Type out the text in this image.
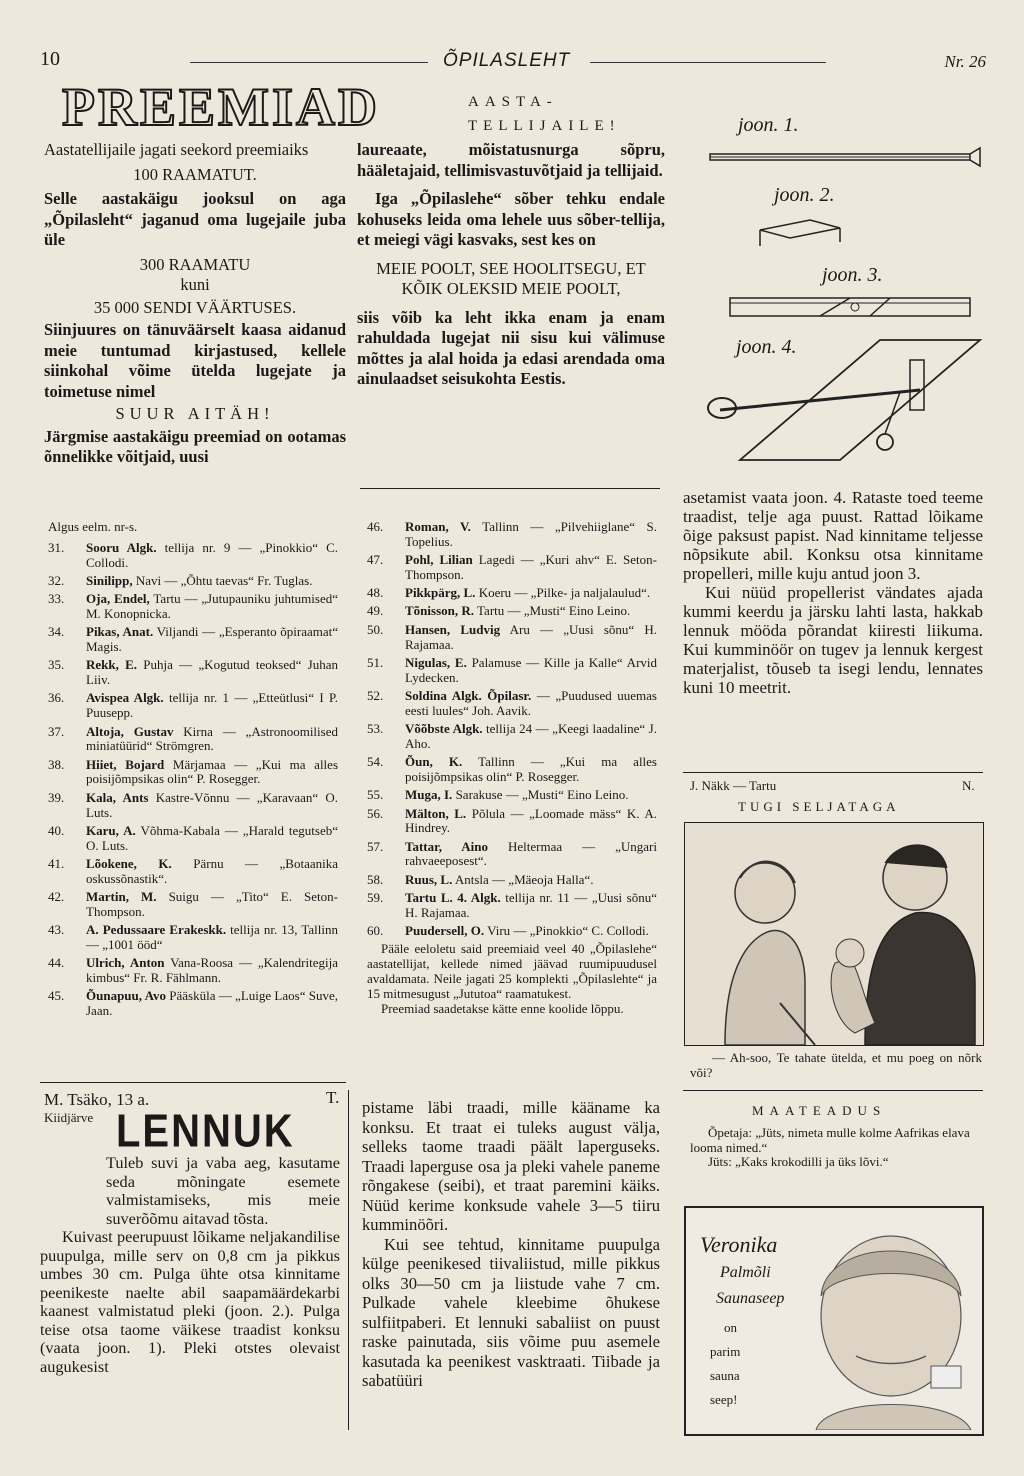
10	ÕPILASLEHT	Nr. 26
PREEMIAD	AASTA-
TELLIJAILE!

Aastatellijaile jagati seekord preemiaiks

100 RAAMATUT.

Selle aastakäigu jooksul on aga „Õpilasleht“ jaganud oma lugejaile juba üle

300 RAAMATU

kuni

35 000 SENDI VÄÄRTUSES.

Siinjuures on tänuväärselt kaasa aidanud meie tuntumad kirjastused, kellele siinkohal võime ütelda lugejate ja toimetuse nimel

SUUR AITÄH!

Järgmise aastakäigu preemiad on ootamas õnnelikke võitjaid, uusi

laureaate, mõistatusnurga sõpru, hääletajaid, tellimisvastuvõtjaid ja tellijaid.

Iga „Õpilaslehe“ sõber tehku endale kohuseks leida oma lehele uus sõber-tellija, et meiegi vägi kasvaks, sest kes on

MEIE POOLT, SEE HOOLITSEGU, ET KÕIK OLEKSID MEIE POOLT,

siis võib ka leht ikka enam ja enam rahuldada lugejat nii sisu kui välimuse mõttes ja alal hoida ja edasi arendada oma ainulaadset seisukohta Eestis.

joon. 1.
joon. 2.
joon. 3.
joon. 4.
Algus eelm. nr-s.
31.	Sooru Algk. tellija nr. 9 — „Pinokkio“ C. Collodi.
32.	Sinilipp, Navi — „Õhtu taevas“ Fr. Tuglas.
33.	Oja, Endel, Tartu — „Jutupauniku juhtumised“ M. Konopnicka.
34.	Pikas, Anat. Viljandi — „Esperanto õpiraamat“ Magis.
35.	Rekk, E. Puhja — „Kogutud teoksed“ Juhan Liiv.
36.	Avispea Algk. tellija nr. 1 — „Etteütlusi“ I P. Puusepp.
37.	Altoja, Gustav Kirna — „Astronoomilised miniatüürid“ Strömgren.
38.	Hiiet, Bojard Märjamaa — „Kui ma alles poisijõmpsikas olin“ P. Rosegger.
39.	Kala, Ants Kastre-Võnnu — „Karavaan“ O. Luts.
40.	Karu, A. Võhma-Kabala — „Harald tegutseb“ O. Luts.
41.	Lõokene, K. Pärnu — „Botaanika oskussõnastik“.
42.	Martin, M. Suigu — „Tito“ E. Seton-Thompson.
43.	A. Pedussaare Erakeskk. tellija nr. 13, Tallinn — „1001 ööd“
44.	Ulrich, Anton Vana-Roosa — „Kalendritegija kimbus“ Fr. R. Fählmann.
45.	Õunapuu, Avo Pääsküla — „Luige Laos“ Suve, Jaan.
46.	Roman, V. Tallinn — „Pilvehiiglane“ S. Topelius.
47.	Pohl, Lilian Lagedi — „Kuri ahv“ E. Seton-Thompson.
48.	Pikkpärg, L. Koeru — „Pilke- ja naljalaulud“.
49.	Tõnisson, R. Tartu — „Musti“ Eino Leino.
50.	Hansen, Ludvig Aru — „Uusi sõnu“ H. Rajamaa.
51.	Nigulas, E. Palamuse — Kille ja Kalle“ Arvid Lydecken.
52.	Soldina Algk. Õpilasr. — „Puudused uuemas eesti luules“ Joh. Aavik.
53.	Võõbste Algk. tellija 24 — „Keegi laadaline“ J. Aho.
54.	Õun, K. Tallinn — „Kui ma alles poisijõmpsikas olin“ P. Rosegger.
55.	Muga, I. Sarakuse — „Musti“ Eino Leino.
56.	Mälton, L. Põlula — „Loomade mäss“ K. A. Hindrey.
57.	Tattar, Aino Heltermaa — „Ungari rahvaeeposest“.
58.	Ruus, L. Antsla — „Mäeoja Halla“.
59.	Tartu L. 4. Algk. tellija nr. 11 — „Uusi sõnu“ H. Rajamaa.
60.	Puudersell, O. Viru — „Pinokkio“ C. Collodi.

Pääle eeloletu said preemiaid veel 40 „Õpilaslehe“ aastatellijat, kellede nimed jäävad ruumipuudusel avaldamata. Neile jagati 25 komplekti „Õpilaslehte“ ja 15 mitmesugust „Jututoa“ raamatukest.

Preemiad saadetakse kätte enne koolide lõppu.

asetamist vaata joon. 4. Rataste toed teeme traadist, telje aga puust. Rattad lõikame õige paksust papist. Nad kinnitame teljesse nõpsikute abil. Konksu otsa kinnitame propelleri, mille kuju antud joon 3.

Kui nüüd propellerist vändates ajada kummi keerdu ja järsku lahti lasta, hakkab lennuk mööda põrandat kiiresti liikuma. Kui kumminöör on tugev ja lennuk kergest materjalist, tõuseb ta isegi lendu, lennates kuni 10 meetrit.

J. Näkk — Tartu	N.
TUGI SELJATAGA
— Ah-soo, Te tahate ütelda, et mu poeg on nõrk või?
MAATEADUS
Õpetaja: „Jüts, nimeta mulle kolme Aafrikas elava looma nimed.“
Jüts: „Kaks krokodilli ja üks lõvi.“
Veronika
Palmõli
Saunaseep
on
parim
sauna
seep!
M. Tsäko, 13 a.	T.
Kiidjärve LENNUK

Tuleb suvi ja vaba aeg, kasutame seda mõningate esemete valmistamiseks, mis meie suverõõmu aitavad tõsta.

Kuivast peerupuust lõikame neljakandilise puupulga, mille serv on 0,8 cm ja pikkus umbes 30 cm. Pulga ühte otsa kinnitame peenikeste naelte abil saapamäärdekarbi kaanest valmistatud pleki (joon. 2.). Pulga teise otsa taome väikese traadist konksu (vaata joon. 1). Pleki otstes olevaist augukesist

pistame läbi traadi, mille kääname ka konksu. Et traat ei tuleks august välja, selleks taome traadi päält laperguseks. Traadi laperguse osa ja pleki vahele paneme rõngakese (seibi), et traat paremini käiks. Nüüd kerime konksude vahele 3—5 tiiru kumminöõri.

Kui see tehtud, kinnitame puupulga külge peenikesed tiivaliistud, mille pikkus olks 30—50 cm ja liistude vahe 7 cm. Pulkade vahele kleebime õhukese sulfiitpaberi. Et lennuki sabaliist on puust raske painutada, siis võime puu asemele kasutada ka peenikest vasktraati. Tiibade ja sabatüüri
